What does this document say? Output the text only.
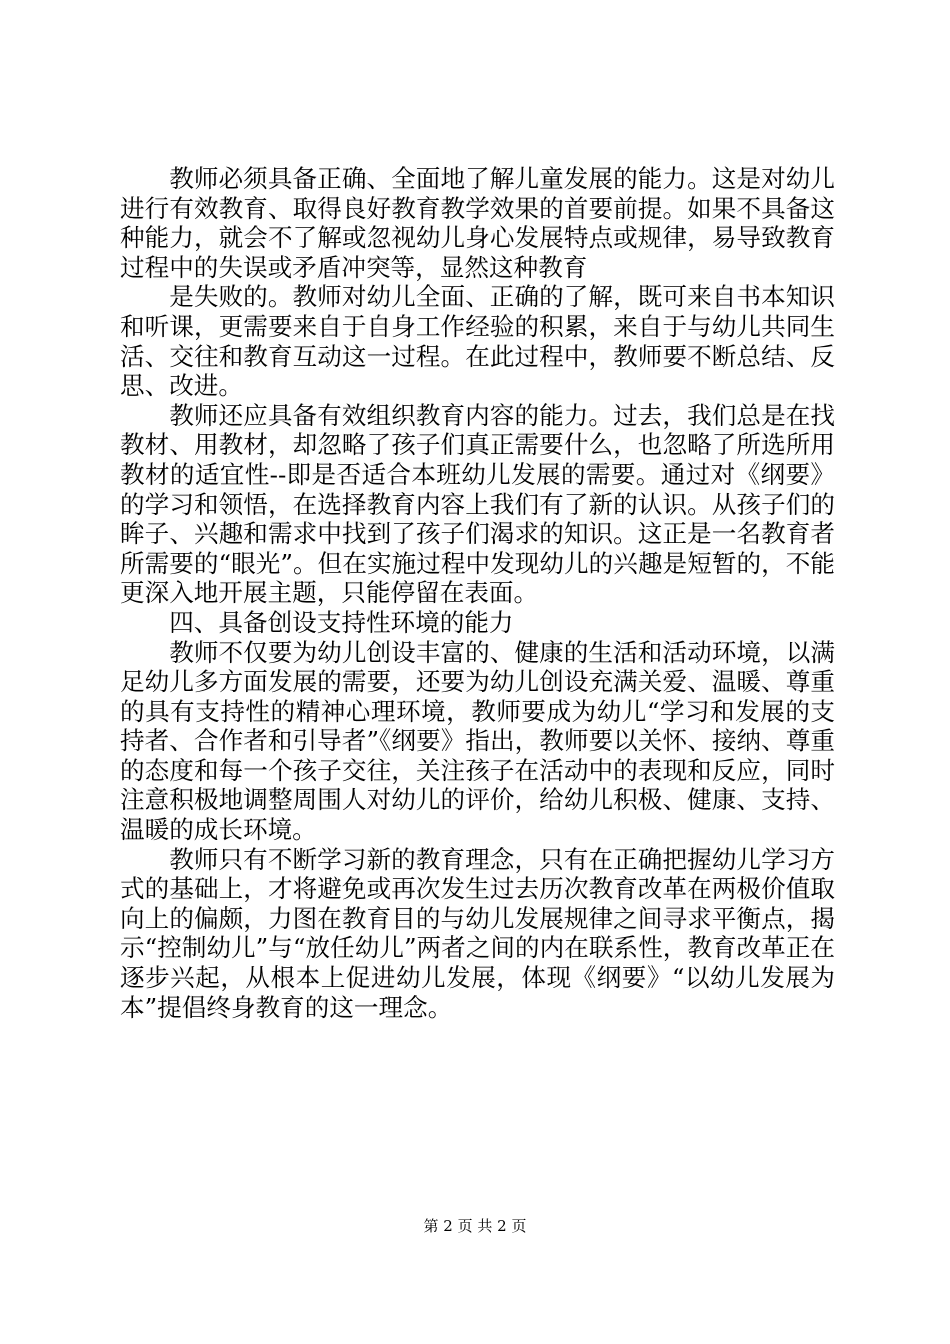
教师必须具备正确、全面地了解儿童发展的能力。这是对幼儿进行有效教育、取得良好教育教学效果的首要前提。如果不具备这种能力，就会不了解或忽视幼儿身心发展特点或规律，易导致教育过程中的失误或矛盾冲突等，显然这种教育

是失败的。教师对幼儿全面、正确的了解，既可来自书本知识和听课，更需要来自于自身工作经验的积累，来自于与幼儿共同生活、交往和教育互动这一过程。在此过程中，教师要不断总结、反思、改进。

教师还应具备有效组织教育内容的能力。过去，我们总是在找教材、用教材，却忽略了孩子们真正需要什么，也忽略了所选所用教材的适宜性--即是否适合本班幼儿发展的需要。通过对《纲要》的学习和领悟，在选择教育内容上我们有了新的认识。从孩子们的眸子、兴趣和需求中找到了孩子们渴求的知识。这正是一名教育者所需要的“眼光”。但在实施过程中发现幼儿的兴趣是短暂的，不能更深入地开展主题，只能停留在表面。

四、具备创设支持性环境的能力

教师不仅要为幼儿创设丰富的、健康的生活和活动环境，以满足幼儿多方面发展的需要，还要为幼儿创设充满关爱、温暖、尊重的具有支持性的精神心理环境，教师要成为幼儿“学习和发展的支持者、合作者和引导者”《纲要》指出，教师要以关怀、接纳、尊重的态度和每一个孩子交往，关注孩子在活动中的表现和反应，同时注意积极地调整周围人对幼儿的评价，给幼儿积极、健康、支持、温暖的成长环境。

教师只有不断学习新的教育理念，只有在正确把握幼儿学习方式的基础上，才将避免或再次发生过去历次教育改革在两极价值取向上的偏颇，力图在教育目的与幼儿发展规律之间寻求平衡点，揭示“控制幼儿”与“放任幼儿”两者之间的内在联系性，教育改革正在逐步兴起，从根本上促进幼儿发展，体现《纲要》“以幼儿发展为本”提倡终身教育的这一理念。

第 2 页 共 2 页
